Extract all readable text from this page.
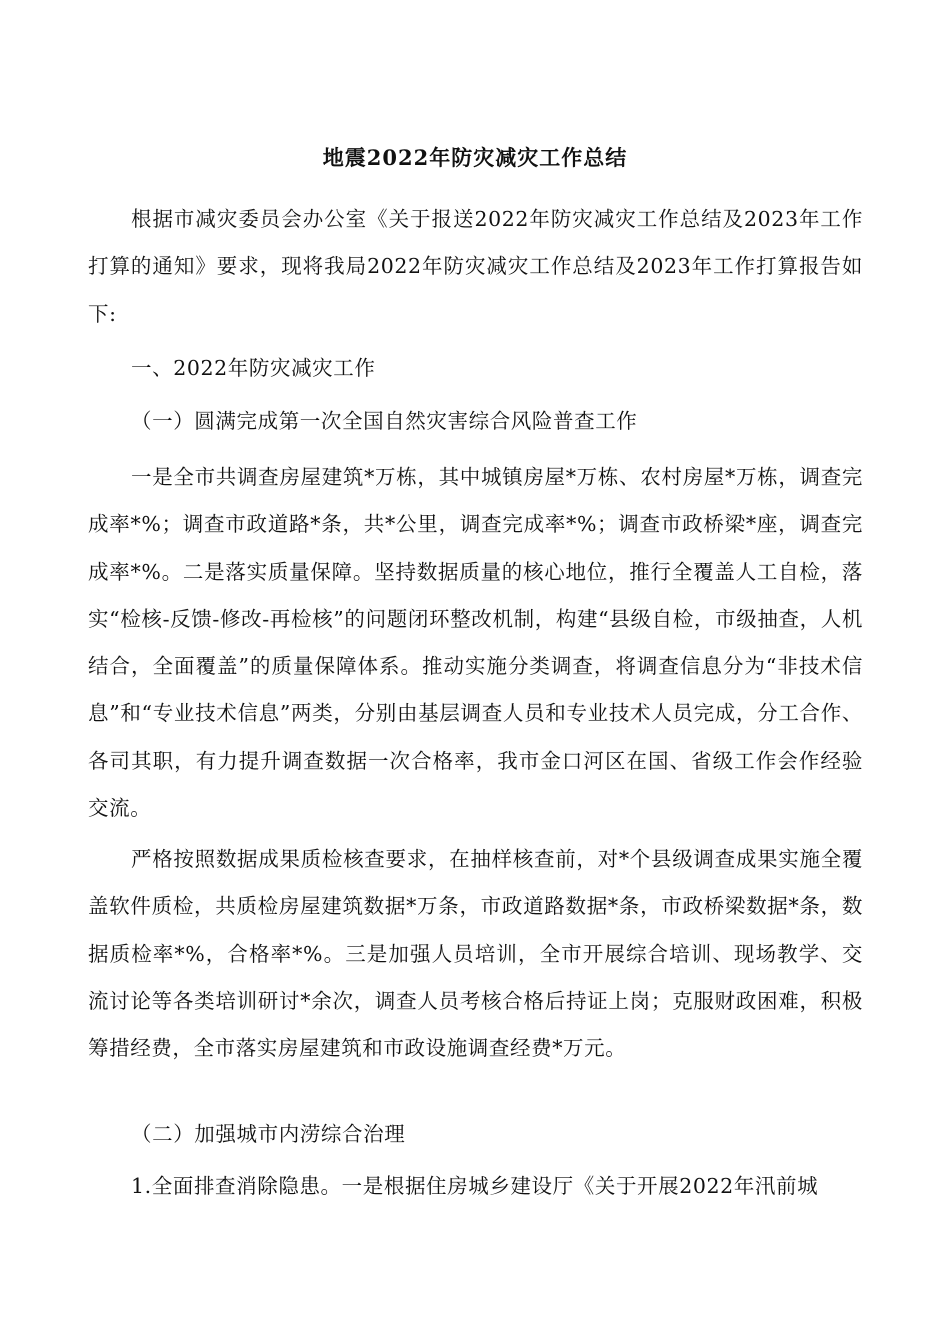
地震2022年防灾减灾工作总结

根据市减灾委员会办公室《关于报送2022年防灾减灾工作总结及2023年工作打算的通知》要求，现将我局2022年防灾减灾工作总结及2023年工作打算报告如下:

一、2022年防灾减灾工作

（一）圆满完成第一次全国自然灾害综合风险普查工作

一是全市共调查房屋建筑*万栋，其中城镇房屋*万栋、农村房屋*万栋，调查完成率*%；调查市政道路*条，共*公里，调查完成率*%；调查市政桥梁*座，调查完成率*%。二是落实质量保障。坚持数据质量的核心地位，推行全覆盖人工自检，落实“检核-反馈-修改-再检核”的问题闭环整改机制，构建“县级自检，市级抽查，人机结合，全面覆盖”的质量保障体系。推动实施分类调查，将调查信息分为“非技术信息”和“专业技术信息”两类，分别由基层调查人员和专业技术人员完成，分工合作、各司其职，有力提升调查数据一次合格率，我市金口河区在国、省级工作会作经验交流。

严格按照数据成果质检核查要求，在抽样核查前，对*个县级调查成果实施全覆盖软件质检，共质检房屋建筑数据*万条，市政道路数据*条，市政桥梁数据*条，数据质检率*%，合格率*%。三是加强人员培训，全市开展综合培训、现场教学、交流讨论等各类培训研讨*余次，调查人员考核合格后持证上岗；克服财政困难，积极筹措经费，全市落实房屋建筑和市政设施调查经费*万元。

（二）加强城市内涝综合治理

1.全面排查消除隐患。一是根据住房城乡建设厅《关于开展2022年汛前城
